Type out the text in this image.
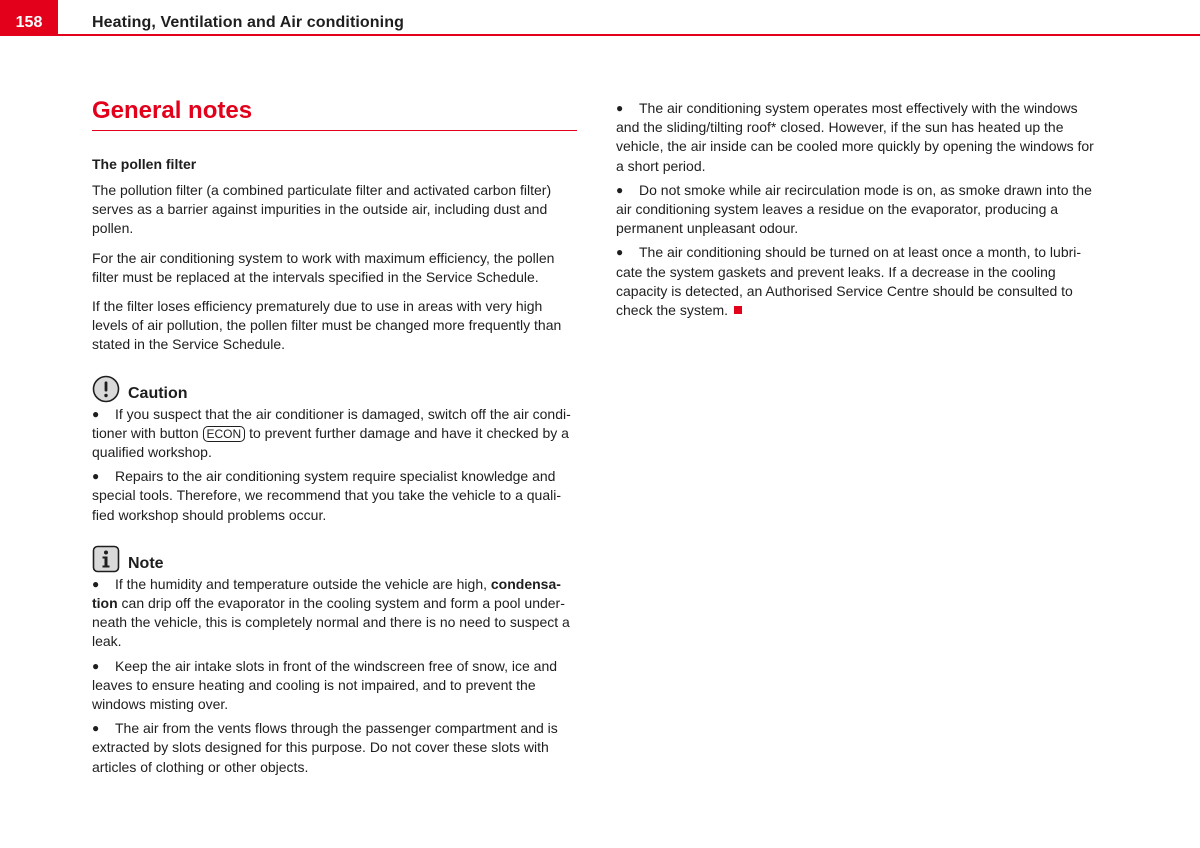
158	Heating, Ventilation and Air conditioning
General notes
The pollen filter

The pollution filter (a combined particulate filter and activated carbon filter) serves as a barrier against impurities in the outside air, including dust and pollen.

For the air conditioning system to work with maximum efficiency, the pollen filter must be replaced at the intervals specified in the Service Schedule.

If the filter loses efficiency prematurely due to use in areas with very high levels of air pollution, the pollen filter must be changed more frequently than stated in the Service Schedule.

Caution
● If you suspect that the air conditioner is damaged, switch off the air condi-tioner with button ECON to prevent further damage and have it checked by a qualified workshop.
● Repairs to the air conditioning system require specialist knowledge and special tools. Therefore, we recommend that you take the vehicle to a quali-fied workshop should problems occur.
Note
● If the humidity and temperature outside the vehicle are high, condensa-tion can drip off the evaporator in the cooling system and form a pool under-neath the vehicle, this is completely normal and there is no need to suspect a leak.
● Keep the air intake slots in front of the windscreen free of snow, ice and leaves to ensure heating and cooling is not impaired, and to prevent the windows misting over.
● The air from the vents flows through the passenger compartment and is extracted by slots designed for this purpose. Do not cover these slots with articles of clothing or other objects.
● The air conditioning system operates most effectively with the windows and the sliding/tilting roof* closed. However, if the sun has heated up the vehicle, the air inside can be cooled more quickly by opening the windows for a short period.
● Do not smoke while air recirculation mode is on, as smoke drawn into the air conditioning system leaves a residue on the evaporator, producing a permanent unpleasant odour.
● The air conditioning should be turned on at least once a month, to lubri-cate the system gaskets and prevent leaks. If a decrease in the cooling capacity is detected, an Authorised Service Centre should be consulted to check the system.
